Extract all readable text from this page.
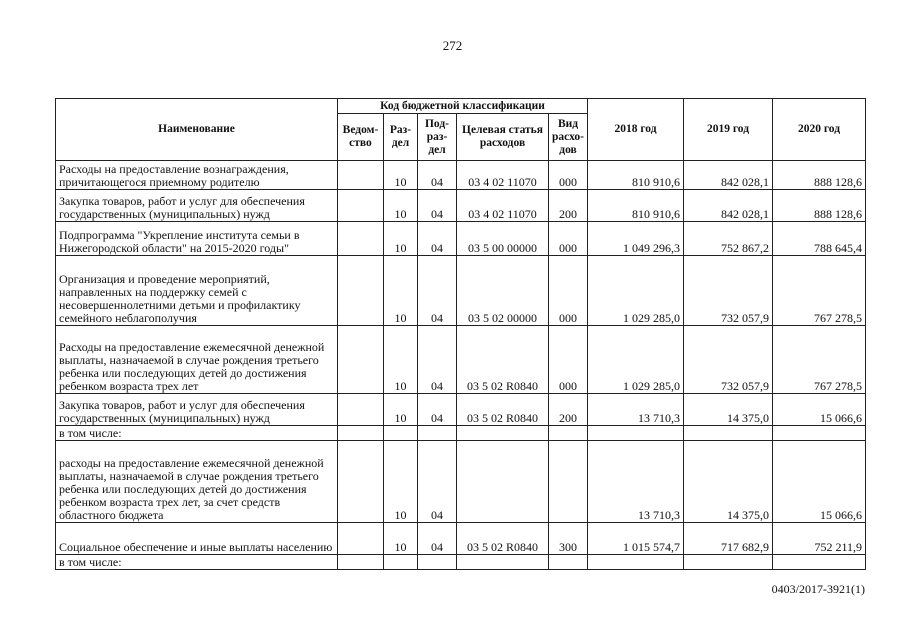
272
Наименование	Код бюджетной классификации					2018 год	2019 год	2020 год
	Ведом-ство	Раз-дел	Под-раз-дел	Целевая статья расходов	Вид расхо-дов			
Расходы на предоставление вознаграждения, причитающегося приемному родителю		10	04	03 4 02 11070	000	810 910,6	842 028,1	888 128,6
Закупка товаров, работ и услуг для обеспечения государственных (муниципальных) нужд		10	04	03 4 02 11070	200	810 910,6	842 028,1	888 128,6
Подпрограмма "Укрепление института семьи в Нижегородской области" на 2015-2020 годы"		10	04	03 5 00 00000	000	1 049 296,3	752 867,2	788 645,4
Организация и проведение мероприятий, направленных на поддержку семей с несовершеннолетними детьми и профилактику семейного неблагополучия		10	04	03 5 02 00000	000	1 029 285,0	732 057,9	767 278,5
Расходы на предоставление ежемесячной денежной выплаты, назначаемой в случае рождения третьего ребенка или последующих детей до достижения ребенком возраста трех лет		10	04	03 5 02 R0840	000	1 029 285,0	732 057,9	767 278,5
Закупка товаров, работ и услуг для обеспечения государственных (муниципальных) нужд		10	04	03 5 02 R0840	200	13 710,3	14 375,0	15 066,6
в том числе:								
расходы на предоставление ежемесячной денежной выплаты, назначаемой в случае рождения третьего ребенка или последующих детей до достижения ребенком возраста трех лет, за счет средств областного бюджета		10	04			13 710,3	14 375,0	15 066,6
Социальное обеспечение и иные выплаты населению		10	04	03 5 02 R0840	300	1 015 574,7	717 682,9	752 211,9
в том числе:								
0403/2017-3921(1)
